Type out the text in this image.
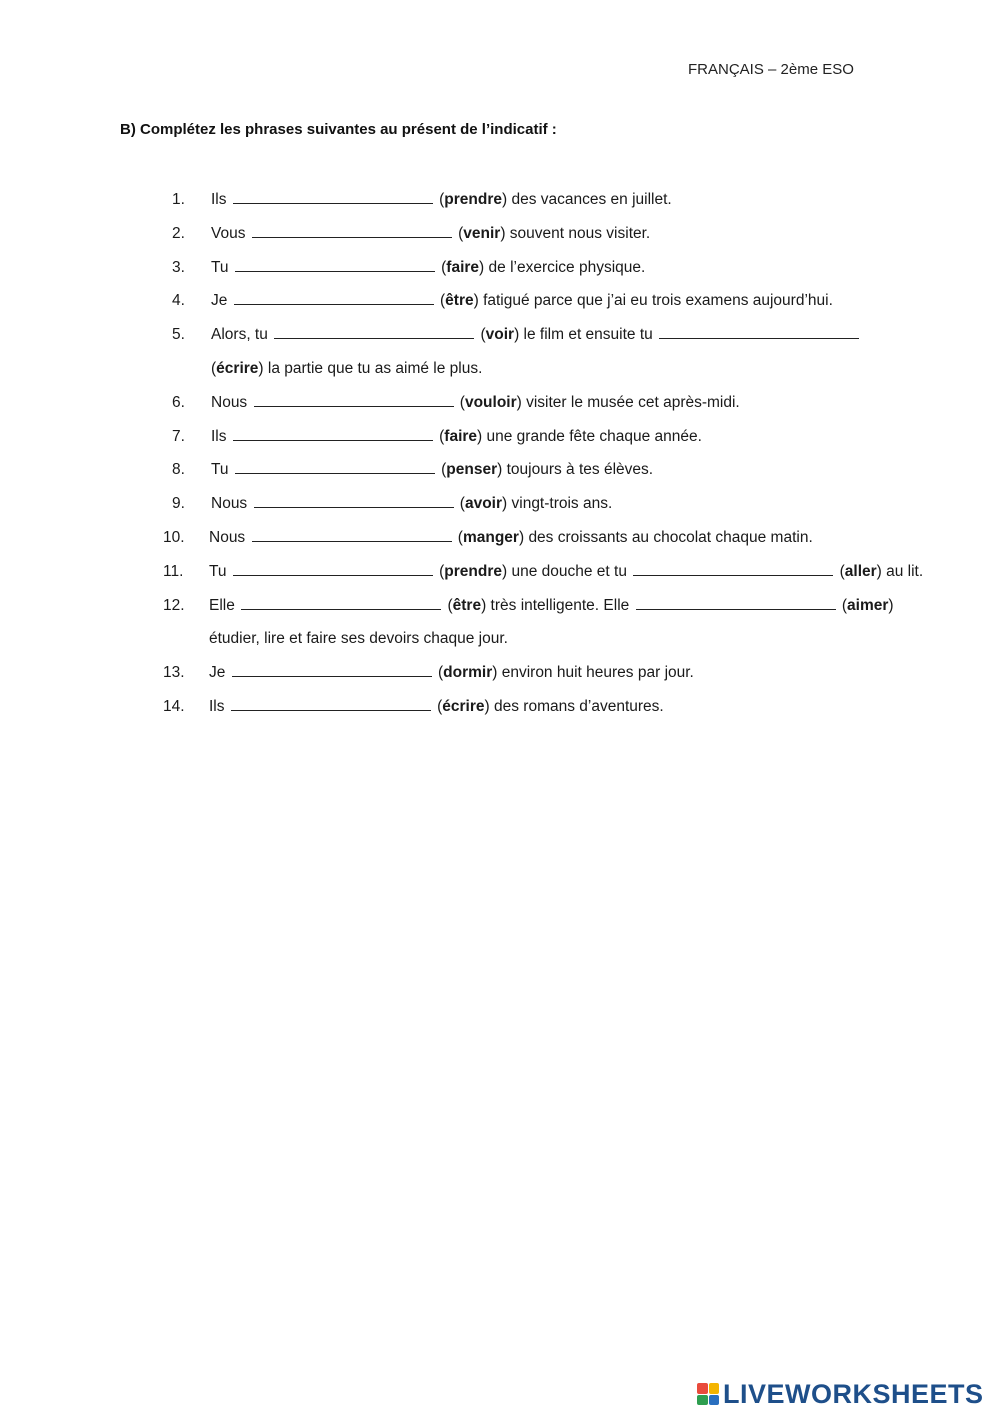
FRANÇAIS – 2ème ESO
B) Complétez les phrases suivantes au présent de l’indicatif :
1.	Ils	(prendre) des vacances en juillet.
2.	Vous	(venir) souvent nous visiter.
3.	Tu	(faire) de l’exercice physique.
4.	Je	(être) fatigué parce que j’ai eu trois examens aujourd’hui.
5.	Alors, tu	(voir) le film et ensuite tu
(écrire) la partie que tu as aimé le plus.
6.	Nous	(vouloir) visiter le musée cet après-midi.
7.	Ils	(faire) une grande fête chaque année.
8.	Tu	(penser) toujours à tes élèves.
9.	Nous	(avoir) vingt-trois ans.
10.	Nous	(manger) des croissants au chocolat chaque matin.
11.	Tu	(prendre) une douche et tu	(aller) au lit.
12.	Elle	(être) très intelligente. Elle	(aimer) étudier, lire et faire ses devoirs chaque jour.
13.	Je	(dormir) environ huit heures par jour.
14.	Ils	(écrire) des romans d’aventures.
LIVEWORKSHEETS
